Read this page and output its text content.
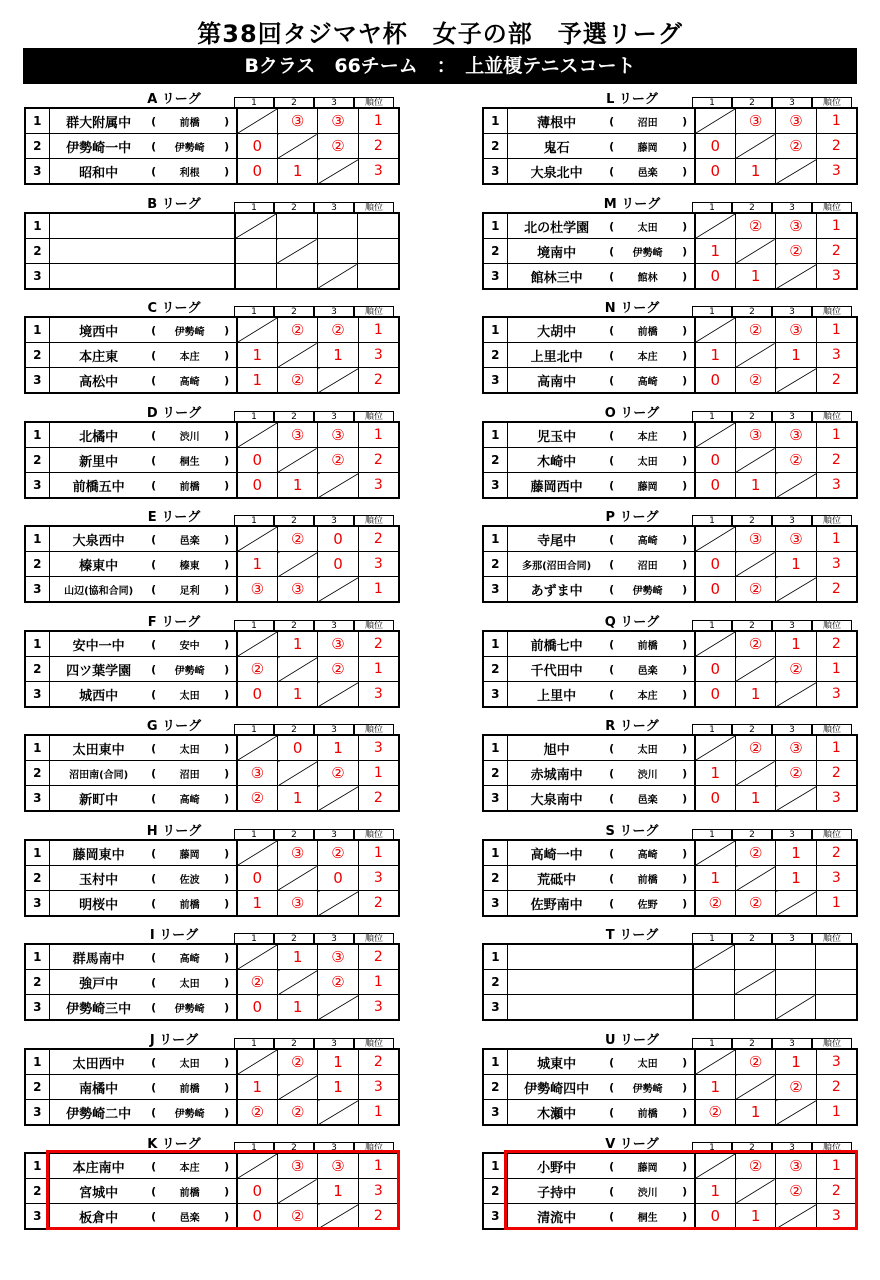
第38回タジマヤ杯　女子の部　予選リーグ
Bクラス　66チーム　：　上並榎テニスコート
A リーグ	1	2	3	順位
1	群大附属中 ( 前橋 )		③	③	1
2	伊勢崎一中 ( 伊勢崎 )	0		②	2
3	昭和中 ( 利根 )	0	1		3
B リーグ	1	2	3	順位
1					
2					
3					
C リーグ	1	2	3	順位
1	境西中 ( 伊勢崎 )		②	②	1
2	本庄東 ( 本庄 )	1		1	3
3	高松中 ( 高崎 )	1	②		2
D リーグ	1	2	3	順位
1	北橘中 ( 渋川 )		③	③	1
2	新里中 ( 桐生 )	0		②	2
3	前橋五中 ( 前橋 )	0	1		3
E リーグ	1	2	3	順位
1	大泉西中 ( 邑楽 )		②	0	2
2	榛東中 ( 榛東 )	1		0	3
3	山辺(協和合同) ( 足利 )	③	③		1
F リーグ	1	2	3	順位
1	安中一中 ( 安中 )		1	③	2
2	四ツ葉学園 ( 伊勢崎 )	②		②	1
3	城西中 ( 太田 )	0	1		3
G リーグ	1	2	3	順位
1	太田東中 ( 太田 )		0	1	3
2	沼田南(合同) ( 沼田 )	③		②	1
3	新町中 ( 高崎 )	②	1		2
H リーグ	1	2	3	順位
1	藤岡東中 ( 藤岡 )		③	②	1
2	玉村中 ( 佐波 )	0		0	3
3	明桜中 ( 前橋 )	1	③		2
I リーグ	1	2	3	順位
1	群馬南中 ( 高崎 )		1	③	2
2	強戸中 ( 太田 )	②		②	1
3	伊勢崎三中 ( 伊勢崎 )	0	1		3
J リーグ	1	2	3	順位
1	太田西中 ( 太田 )		②	1	2
2	南橘中 ( 前橋 )	1		1	3
3	伊勢崎二中 ( 伊勢崎 )	②	②		1
K リーグ	1	2	3	順位
1	本庄南中 ( 本庄 )		③	③	1
2	宮城中 ( 前橋 )	0		1	3
3	板倉中 ( 邑楽 )	0	②		2
L リーグ	1	2	3	順位
1	薄根中 ( 沼田 )		③	③	1
2	鬼石 ( 藤岡 )	0		②	2
3	大泉北中 ( 邑楽 )	0	1		3
M リーグ	1	2	3	順位
1	北の杜学園 ( 太田 )		②	③	1
2	境南中 ( 伊勢崎 )	1		②	2
3	館林三中 ( 館林 )	0	1		3
N リーグ	1	2	3	順位
1	大胡中 ( 前橋 )		②	③	1
2	上里北中 ( 本庄 )	1		1	3
3	高南中 ( 高崎 )	0	②		2
O リーグ	1	2	3	順位
1	児玉中 ( 本庄 )		③	③	1
2	木崎中 ( 太田 )	0		②	2
3	藤岡西中 ( 藤岡 )	0	1		3
P リーグ	1	2	3	順位
1	寺尾中 ( 高崎 )		③	③	1
2	多那(沼田合同) ( 沼田 )	0		1	3
3	あずま中 ( 伊勢崎 )	0	②		2
Q リーグ	1	2	3	順位
1	前橋七中 ( 前橋 )		②	1	2
2	千代田中 ( 邑楽 )	0		②	1
3	上里中 ( 本庄 )	0	1		3
R リーグ	1	2	3	順位
1	旭中 ( 太田 )		②	③	1
2	赤城南中 ( 渋川 )	1		②	2
3	大泉南中 ( 邑楽 )	0	1		3
S リーグ	1	2	3	順位
1	高崎一中 ( 高崎 )		②	1	2
2	荒砥中 ( 前橋 )	1		1	3
3	佐野南中 ( 佐野 )	②	②		1
T リーグ	1	2	3	順位
1					
2					
3					
U リーグ	1	2	3	順位
1	城東中 ( 太田 )		②	1	3
2	伊勢崎四中 ( 伊勢崎 )	1		②	2
3	木瀬中 ( 前橋 )	②	1		1
V リーグ	1	2	3	順位
1	小野中 ( 藤岡 )		②	③	1
2	子持中 ( 渋川 )	1		②	2
3	清流中 ( 桐生 )	0	1		3
